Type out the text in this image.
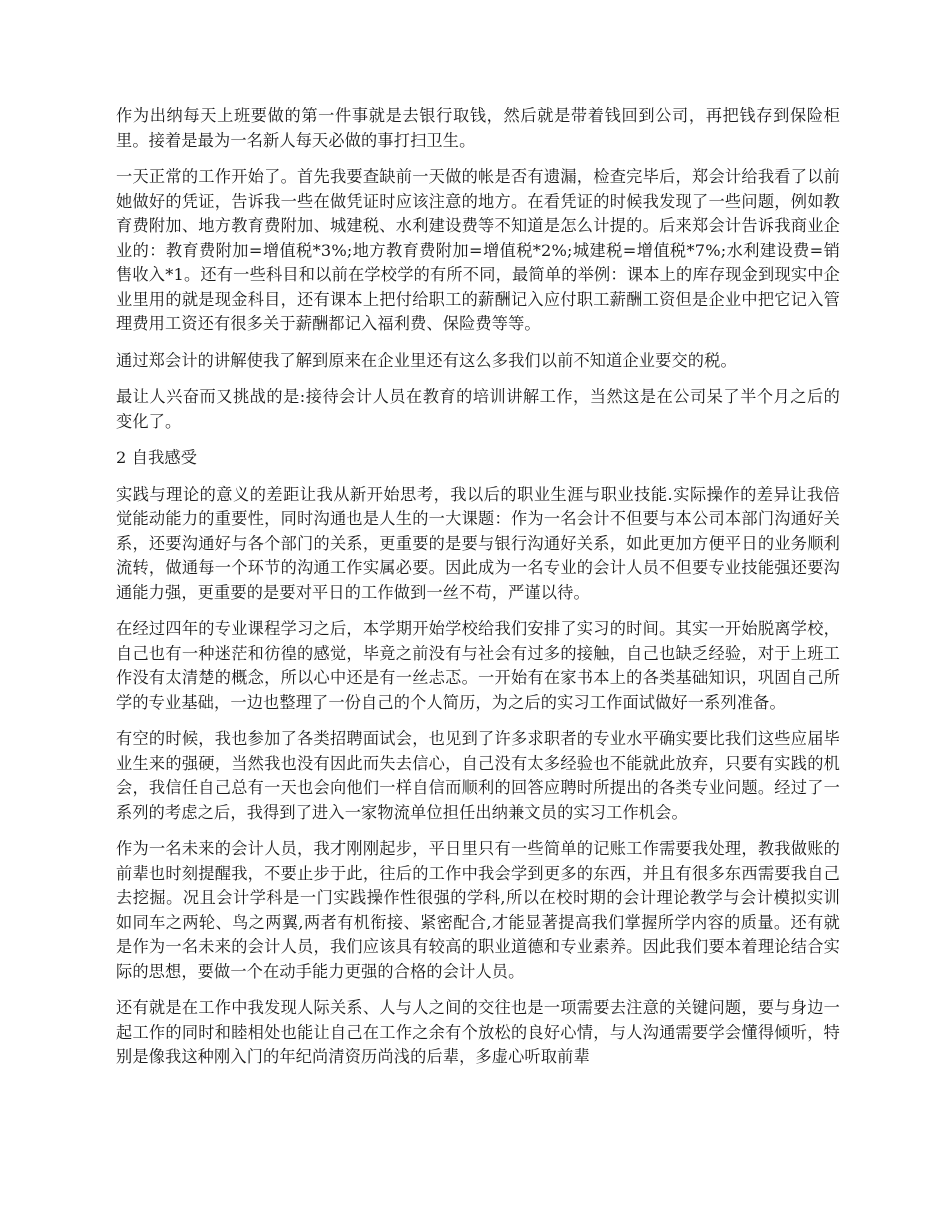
作为出纳每天上班要做的第一件事就是去银行取钱，然后就是带着钱回到公司，再把钱存到保险柜里。接着是最为一名新人每天必做的事打扫卫生。

一天正常的工作开始了。首先我要查缺前一天做的帐是否有遗漏，检查完毕后，郑会计给我看了以前她做好的凭证，告诉我一些在做凭证时应该注意的地方。在看凭证的时候我发现了一些问题，例如教育费附加、地方教育费附加、城建税、水利建设费等不知道是怎么计提的。后来郑会计告诉我商业企业的：教育费附加=增值税*3%;地方教育费附加=增值税*2%;城建税=增值税*7%;水利建设费=销售收入*1。还有一些科目和以前在学校学的有所不同，最简单的举例：课本上的库存现金到现实中企业里用的就是现金科目，还有课本上把付给职工的薪酬记入应付职工薪酬工资但是企业中把它记入管理费用工资还有很多关于薪酬都记入福利费、保险费等等。

通过郑会计的讲解使我了解到原来在企业里还有这么多我们以前不知道企业要交的税。

最让人兴奋而又挑战的是:接待会计人员在教育的培训讲解工作，当然这是在公司呆了半个月之后的变化了。

2 自我感受

实践与理论的意义的差距让我从新开始思考，我以后的职业生涯与职业技能.实际操作的差异让我倍觉能动能力的重要性，同时沟通也是人生的一大课题：作为一名会计不但要与本公司本部门沟通好关系，还要沟通好与各个部门的关系，更重要的是要与银行沟通好关系，如此更加方便平日的业务顺利流转，做通每一个环节的沟通工作实属必要。因此成为一名专业的会计人员不但要专业技能强还要沟通能力强，更重要的是要对平日的工作做到一丝不苟，严谨以待。

在经过四年的专业课程学习之后，本学期开始学校给我们安排了实习的时间。其实一开始脱离学校，自己也有一种迷茫和彷徨的感觉，毕竟之前没有与社会有过多的接触，自己也缺乏经验，对于上班工作没有太清楚的概念，所以心中还是有一丝忐忑。一开始有在家书本上的各类基础知识，巩固自己所学的专业基础，一边也整理了一份自己的个人简历，为之后的实习工作面试做好一系列准备。

有空的时候，我也参加了各类招聘面试会，也见到了许多求职者的专业水平确实要比我们这些应届毕业生来的强硬，当然我也没有因此而失去信心，自己没有太多经验也不能就此放弃，只要有实践的机会，我信任自己总有一天也会向他们一样自信而顺利的回答应聘时所提出的各类专业问题。经过了一系列的考虑之后，我得到了进入一家物流单位担任出纳兼文员的实习工作机会。

作为一名未来的会计人员，我才刚刚起步，平日里只有一些简单的记账工作需要我处理，教我做账的前辈也时刻提醒我，不要止步于此，往后的工作中我会学到更多的东西，并且有很多东西需要我自己去挖掘。况且会计学科是一门实践操作性很强的学科,所以在校时期的会计理论教学与会计模拟实训如同车之两轮、鸟之两翼,两者有机衔接、紧密配合,才能显著提高我们掌握所学内容的质量。还有就是作为一名未来的会计人员，我们应该具有较高的职业道德和专业素养。因此我们要本着理论结合实际的思想，要做一个在动手能力更强的合格的会计人员。

还有就是在工作中我发现人际关系、人与人之间的交往也是一项需要去注意的关键问题，要与身边一起工作的同时和睦相处也能让自己在工作之余有个放松的良好心情，与人沟通需要学会懂得倾听，特别是像我这种刚入门的年纪尚清资历尚浅的后辈，多虚心听取前辈
